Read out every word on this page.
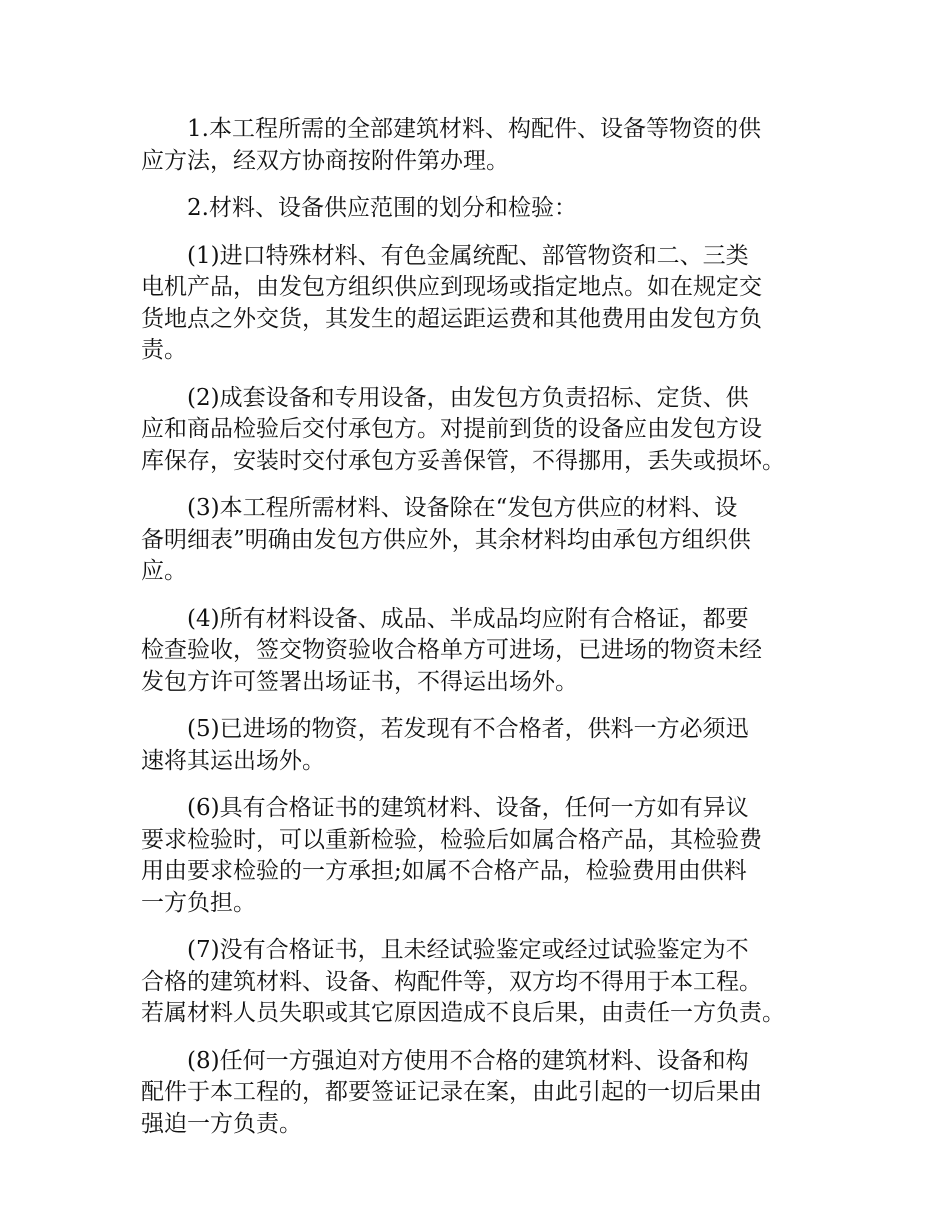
1.本工程所需的全部建筑材料、构配件、设备等物资的供
应方法，经双方协商按附件第办理。

2.材料、设备供应范围的划分和检验：

(1)进口特殊材料、有色金属统配、部管物资和二、三类
电机产品，由发包方组织供应到现场或指定地点。如在规定交
货地点之外交货，其发生的超运距运费和其他费用由发包方负
责。

(2)成套设备和专用设备，由发包方负责招标、定货、供
应和商品检验后交付承包方。对提前到货的设备应由发包方设
库保存，安装时交付承包方妥善保管，不得挪用，丢失或损坏。

(3)本工程所需材料、设备除在“发包方供应的材料、设
备明细表”明确由发包方供应外，其余材料均由承包方组织供
应。

(4)所有材料设备、成品、半成品均应附有合格证，都要
检查验收，签交物资验收合格单方可进场，已进场的物资未经
发包方许可签署出场证书，不得运出场外。

(5)已进场的物资，若发现有不合格者，供料一方必须迅
速将其运出场外。

(6)具有合格证书的建筑材料、设备，任何一方如有异议
要求检验时，可以重新检验，检验后如属合格产品，其检验费
用由要求检验的一方承担;如属不合格产品，检验费用由供料
一方负担。

(7)没有合格证书，且未经试验鉴定或经过试验鉴定为不
合格的建筑材料、设备、构配件等，双方均不得用于本工程。
若属材料人员失职或其它原因造成不良后果，由责任一方负责。

(8)任何一方强迫对方使用不合格的建筑材料、设备和构
配件于本工程的，都要签证记录在案，由此引起的一切后果由
强迫一方负责。
